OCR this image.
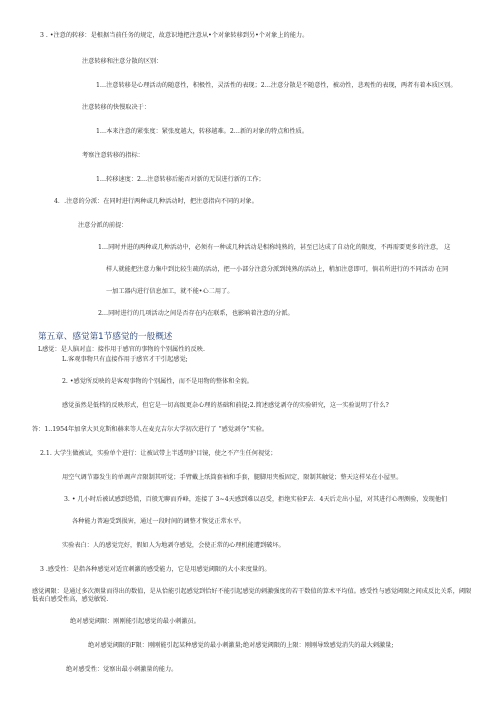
3 . •注意的转移：是根据当前任务的规定，故意识地把注意从•个对象转移到另•个对象上的能力。
注意转移和注意分散的区别：
1…注意转移是心理活动的随意性，积极性，灵活性的表现；2…注意分散是不随意性，被动性，悲观性的表现，两者有着本质区别。
注意转移的快慢取决于：
1…本来注意的紧张度：紧张度越大，转移越难。2…新的对象的特点和性质。
考察注意转移的指标：
1…转移速度：2…注意转移后能否对新的无误进行新的工作；
4．.注意的分派：在同时进行两种或几种活动时，把注意指向不同的对象。
注意分派的前提：
1…同时并进的两种或几种活动中，必须有一种或几种活动是相称纯熟的，甚至已达成了自动化的限度，不再需要更多的注意， 这
样人就能把注意力集中到比较生疏的活动，把一小部分注意分派到纯熟的活动上，稍加注意即可，倘若所进行的不同活动 在同
一加工器内进行信息加工，就不能•心二用了。
2…同时进行的几项活动之间是否存在内在联系，也影响着注意的分派。
第五章、感觉第1节感觉的一般概述
L感觉：是人脑对直：接作用于感官的事物的个别属性的反映.
L.客观事物只有直接作用于感官才干引起感觉;
2. •感觉所反映的是客观事物的个别属性，而不是用物的整体和全貌。
感觉虽然是低档的反映形式，但它是一切高级更杂心理的基础和前提;2.简述感觉剥夺的实验研究，这一实验说明了什么?
答：1..1954年加拿大贝克斯和赫来等人在麦克吉尔大学初次进行了 “感觉剥夺”实验。
2.1. 大学生做被试，实验单个进行：让被试带上半透明护目镜，使之不产生任何视觉；
用空气调节器发生的单调声音限制其听觉；手臂戴上纸筒套袖和手套，腿脚用夹板固定，限制其触觉；整天这样呆在小屋里。
3. • 几小时后被试感到恐慌，百般无聊而乔峰，连接了 3~4天感到难以忍受，拒绝实验F去．4天后走出小屋，对其进行心理测验，发现他们
各种能力普遍受到损害，通过一段时间的调整才恢觉正常水平。
实验表白：人的感觉完好，假如人为地剥夺感觉，会使正常的心理机能遭到破坏。
3 .感受性：是指各种感觉对适宜刺激的感受能力，它是用感觉阈限的大小来度量的。
感觉阈限：是通过多次测量而得出的数值，是从恰能引起感觉到恰好不能引起感觉的刺激强度的若干数值的算术平均值。感受性与感觉阈限之间成反比关系，阈限低表白感受性高，感觉敏锐.
绝对感觉阈限：刚刚能引起感觉的最小刺激员。
绝对感觉阈限的F限：刚刚能引起某种感觉的最小刺激量;绝对感觉阈限的上限：刚刚导致感觉消失的最大刺激量;
绝对感受性：觉察出最小刺激量的能力。
